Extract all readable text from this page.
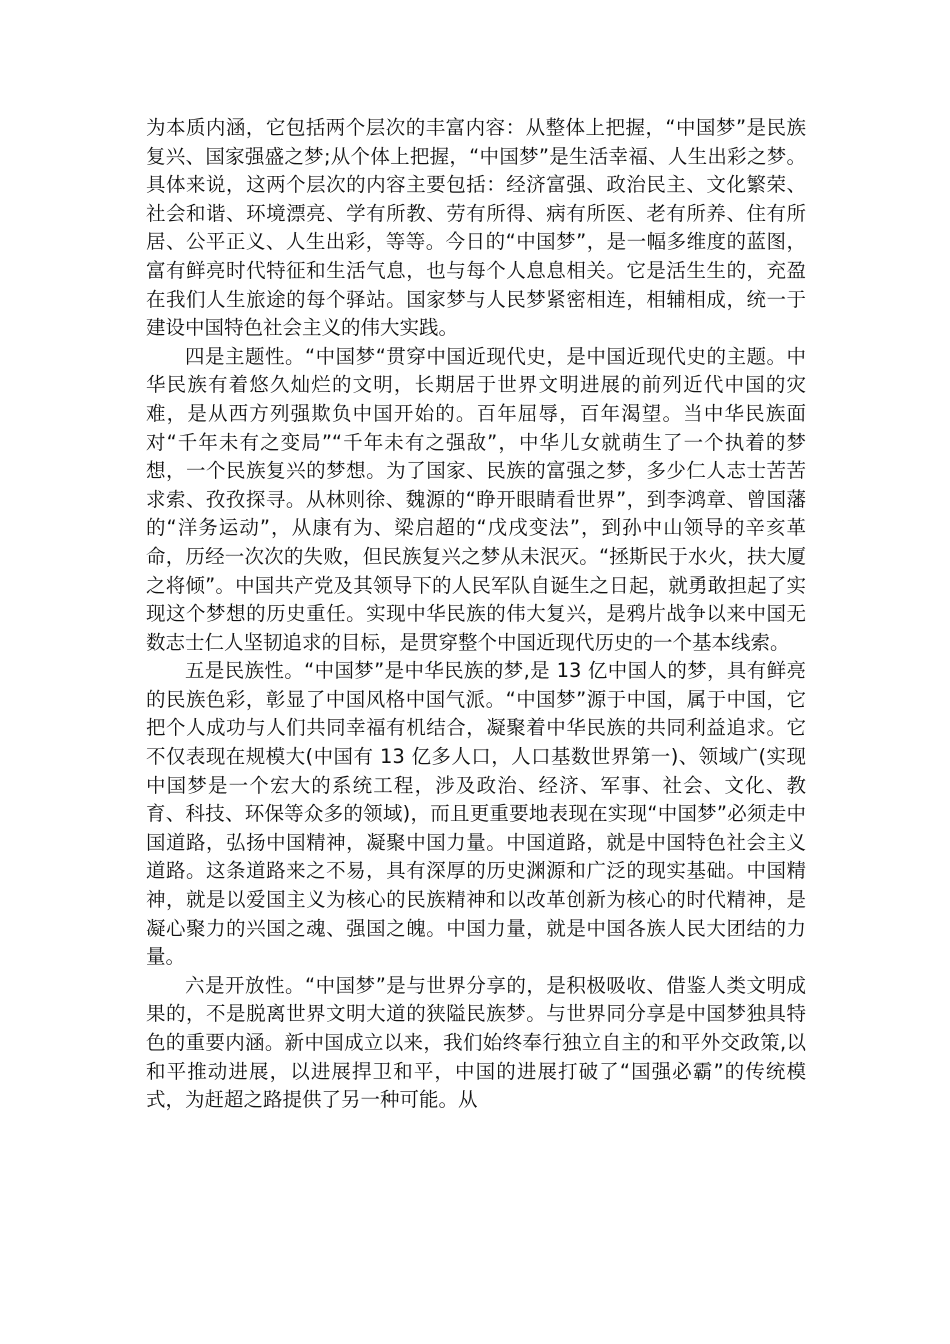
为本质内涵，它包括两个层次的丰富内容：从整体上把握，“中国梦”是民族复兴、国家强盛之梦;从个体上把握，“中国梦”是生活幸福、人生出彩之梦。具体来说，这两个层次的内容主要包括：经济富强、政治民主、文化繁荣、社会和谐、环境漂亮、学有所教、劳有所得、病有所医、老有所养、住有所居、公平正义、人生出彩，等等。今日的“中国梦”，是一幅多维度的蓝图，富有鲜亮时代特征和生活气息，也与每个人息息相关。它是活生生的，充盈在我们人生旅途的每个驿站。国家梦与人民梦紧密相连，相辅相成，统一于建设中国特色社会主义的伟大实践。

四是主题性。“中国梦“贯穿中国近现代史，是中国近现代史的主题。中华民族有着悠久灿烂的文明，长期居于世界文明进展的前列近代中国的灾难，是从西方列强欺负中国开始的。百年屈辱，百年渴望。当中华民族面对“千年未有之变局”“千年未有之强敌”，中华儿女就萌生了一个执着的梦想，一个民族复兴的梦想。为了国家、民族的富强之梦，多少仁人志士苦苦求索、孜孜探寻。从林则徐、魏源的“睁开眼睛看世界”，到李鸿章、曾国藩的“洋务运动”，从康有为、梁启超的“戊戌变法”，到孙中山领导的辛亥革命，历经一次次的失败，但民族复兴之梦从未泯灭。“拯斯民于水火，扶大厦之将倾”。中国共产党及其领导下的人民军队自诞生之日起，就勇敢担起了实现这个梦想的历史重任。实现中华民族的伟大复兴，是鸦片战争以来中国无数志士仁人坚韧追求的目标，是贯穿整个中国近现代历史的一个基本线索。

五是民族性。“中国梦”是中华民族的梦,是 13 亿中国人的梦，具有鲜亮的民族色彩，彰显了中国风格中国气派。“中国梦”源于中国，属于中国，它把个人成功与人们共同幸福有机结合，凝聚着中华民族的共同利益追求。它不仅表现在规模大(中国有 13 亿多人口，人口基数世界第一)、领域广(实现中国梦是一个宏大的系统工程，涉及政治、经济、军事、社会、文化、教育、科技、环保等众多的领域)，而且更重要地表现在实现“中国梦”必须走中国道路，弘扬中国精神，凝聚中国力量。中国道路，就是中国特色社会主义道路。这条道路来之不易，具有深厚的历史渊源和广泛的现实基础。中国精神，就是以爱国主义为核心的民族精神和以改革创新为核心的时代精神，是凝心聚力的兴国之魂、强国之魄。中国力量，就是中国各族人民大团结的力量。

六是开放性。“中国梦”是与世界分享的，是积极吸收、借鉴人类文明成果的，不是脱离世界文明大道的狭隘民族梦。与世界同分享是中国梦独具特色的重要内涵。新中国成立以来，我们始终奉行独立自主的和平外交政策,以和平推动进展，以进展捍卫和平，中国的进展打破了“国强必霸”的传统模式，为赶超之路提供了另一种可能。从
